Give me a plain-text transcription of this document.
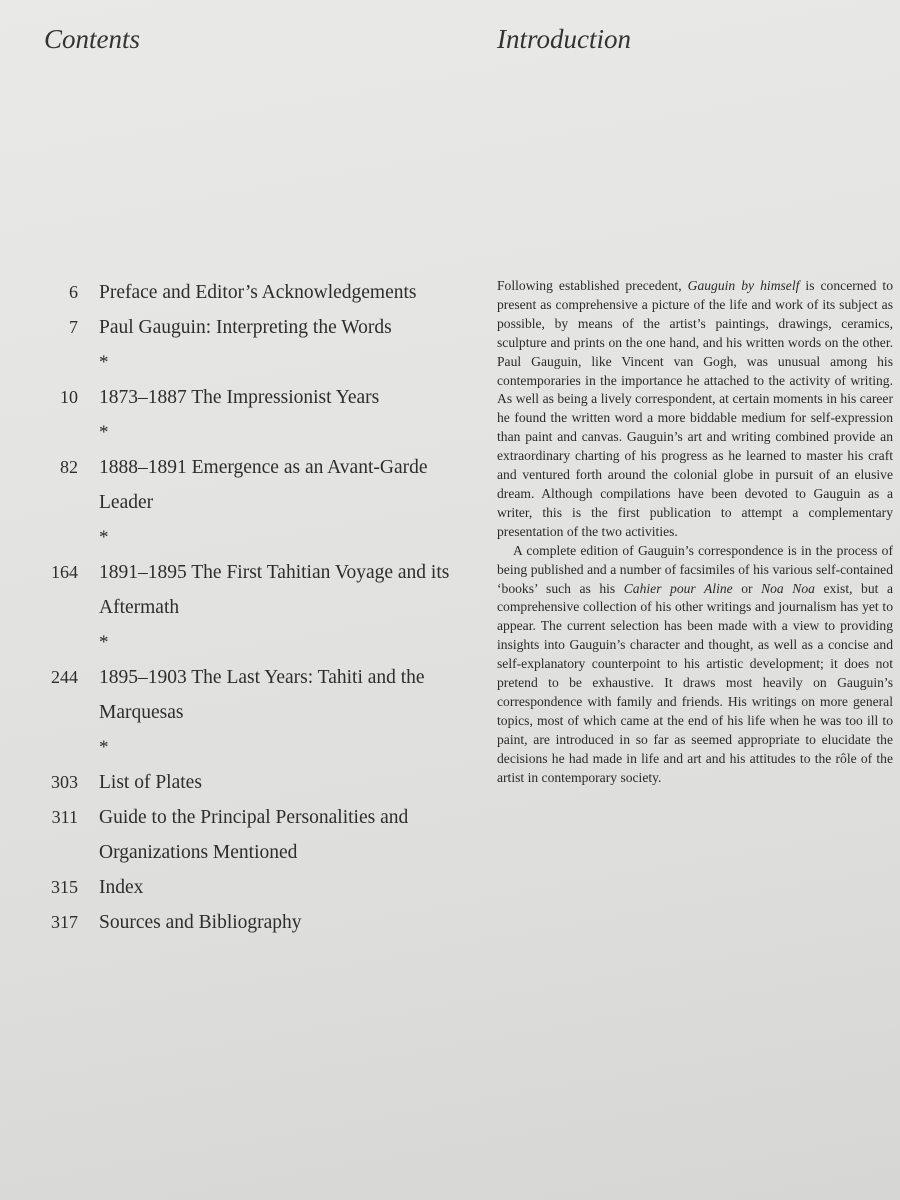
Contents	Introduction
6 Preface and Editor’s Acknowledgements
7 Paul Gauguin: Interpreting the Words
*
10 1873–1887 The Impressionist Years
*
82 1888–1891 Emergence as an Avant-Garde Leader
*
164 1891–1895 The First Tahitian Voyage and its Aftermath
*
244 1895–1903 The Last Years: Tahiti and the Marquesas
*
303 List of Plates
311 Guide to the Principal Personalities and Organizations Mentioned
315 Index
317 Sources and Bibliography

Following established precedent, Gauguin by himself is concerned to present as comprehensive a picture of the life and work of its subject as possible, by means of the artist’s paintings, drawings, ceramics, sculpture and prints on the one hand, and his written words on the other. Paul Gauguin, like Vincent van Gogh, was unusual among his contemporaries in the importance he attached to the activity of writing. As well as being a lively correspondent, at certain moments in his career he found the written word a more biddable medium for self-expression than paint and canvas. Gauguin’s art and writing combined provide an extraordinary charting of his progress as he learned to master his craft and ventured forth around the colonial globe in pursuit of an elusive dream. Although compilations have been devoted to Gauguin as a writer, this is the first publication to attempt a complementary presentation of the two activities.

A complete edition of Gauguin’s correspondence is in the process of being published and a number of facsimiles of his various self-contained ‘books’ such as his Cahier pour Aline or Noa Noa exist, but a comprehensive collection of his other writings and journalism has yet to appear. The current selection has been made with a view to providing insights into Gauguin’s character and thought, as well as a concise and self-explanatory counterpoint to his artistic development; it does not pretend to be exhaustive. It draws most heavily on Gauguin’s correspondence with family and friends. His writings on more general topics, most of which came at the end of his life when he was too ill to paint, are introduced in so far as seemed appropriate to elucidate the decisions he had made in life and art and his attitudes to the rôle of the artist in contemporary society.
